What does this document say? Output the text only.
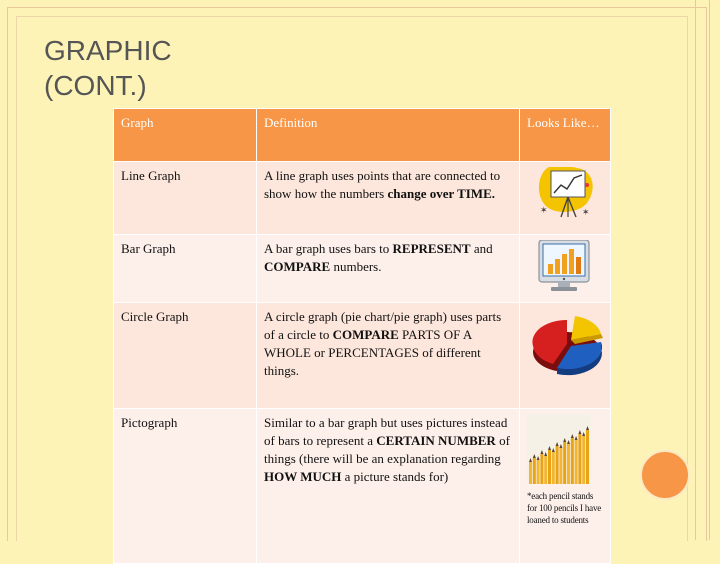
GRAPHIC
(CONT.)
Graph	Definition	Looks Like…
Line Graph	A line graph uses points that are connected to show how the numbers change over TIME.	✶ ✶

Bar Graph	A bar graph uses bars to REPRESENT and COMPARE numbers.	

Circle Graph	A circle graph (pie chart/pie graph) uses parts of a circle to COMPARE PARTS OF A WHOLE or PERCENTAGES of different things.	

Pictograph	Similar to a bar graph but uses pictures instead of bars to represent a CERTAIN NUMBER of things (there will be an explanation regarding HOW MUCH a picture stands for)	*each pencil stands for 100 pencils I have loaned to students
